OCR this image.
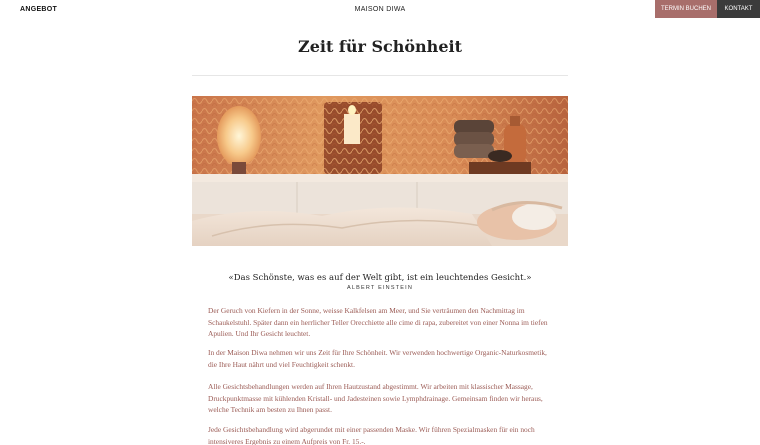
ANGEBOT	MAISON DIWA	TERMIN BUCHEN	KONTAKT
Zeit für Schönheit
«Das Schönste, was es auf der Welt gibt, ist ein leuchtendes Gesicht.»
ALBERT EINSTEIN

Der Geruch von Kiefern in der Sonne, weisse Kalkfelsen am Meer, und Sie verträumen den Nachmittag im Schaukelstuhl. Später dann ein herrlicher Teller Orecchiette alle cime di rapa, zubereitet von einer Nonna im tiefen Apulien. Und Ihr Gesicht leuchtet.

In der Maison Diwa nehmen wir uns Zeit für Ihre Schönheit. Wir verwenden hochwertige Organic-Naturkosmetik, die Ihre Haut nährt und viel Feuchtigkeit schenkt.

Alle Gesichtsbehandlungen werden auf Ihren Hautzustand abgestimmt. Wir arbeiten mit klassischer Massage, Druckpunktmasse mit kühlenden Kristall- und Jadesteinen sowie Lymphdrainage. Gemeinsam finden wir heraus, welche Technik am besten zu Ihnen passt.

Jede Gesichtsbehandlung wird abgerundet mit einer passenden Maske. Wir führen Spezialmasken für ein noch intensiveres Ergebnis zu einem Aufpreis von Fr. 15.-.
